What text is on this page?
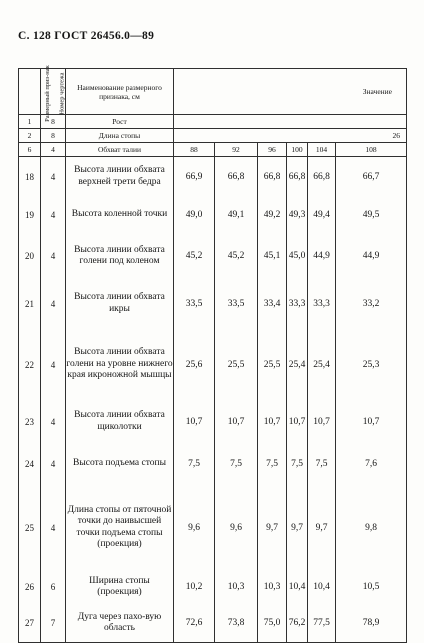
С. 128 ГОСТ 26456.0—89
Размерный приз-нак	Номер чертежа	Наименование размерного признака, см	Значение					
1	8	Рост						
2	8	Длина стопы	26					
6	4	Обхват талии	88	92	96	100	104	108
18	4	Высота линии обхвата верхней трети бедра	66,9	66,8	66,8	66,8	66,8	66,7
19	4	Высота коленной точки	49,0	49,1	49,2	49,3	49,4	49,5
20	4	Высота линии обхвата голени под коленом	45,2	45,2	45,1	45,0	44,9	44,9
21	4	Высота линии обхвата икры	33,5	33,5	33,4	33,3	33,3	33,2
22	4	Высота линии обхвата голени на уровне нижнего края икроножной мышцы	25,6	25,5	25,5	25,4	25,4	25,3
23	4	Высота линии обхвата щиколотки	10,7	10,7	10,7	10,7	10,7	10,7
24	4	Высота подъема стопы	7,5	7,5	7,5	7,5	7,5	7,6
25	4	Длина стопы от пяточной точки до наивысшей точки подъема стопы (проекция)	9,6	9,6	9,7	9,7	9,7	9,8
26	6	Ширина стопы (проекция)	10,2	10,3	10,3	10,4	10,4	10,5
27	7	Дуга через пахо-вую область	72,6	73,8	75,0	76,2	77,5	78,9
